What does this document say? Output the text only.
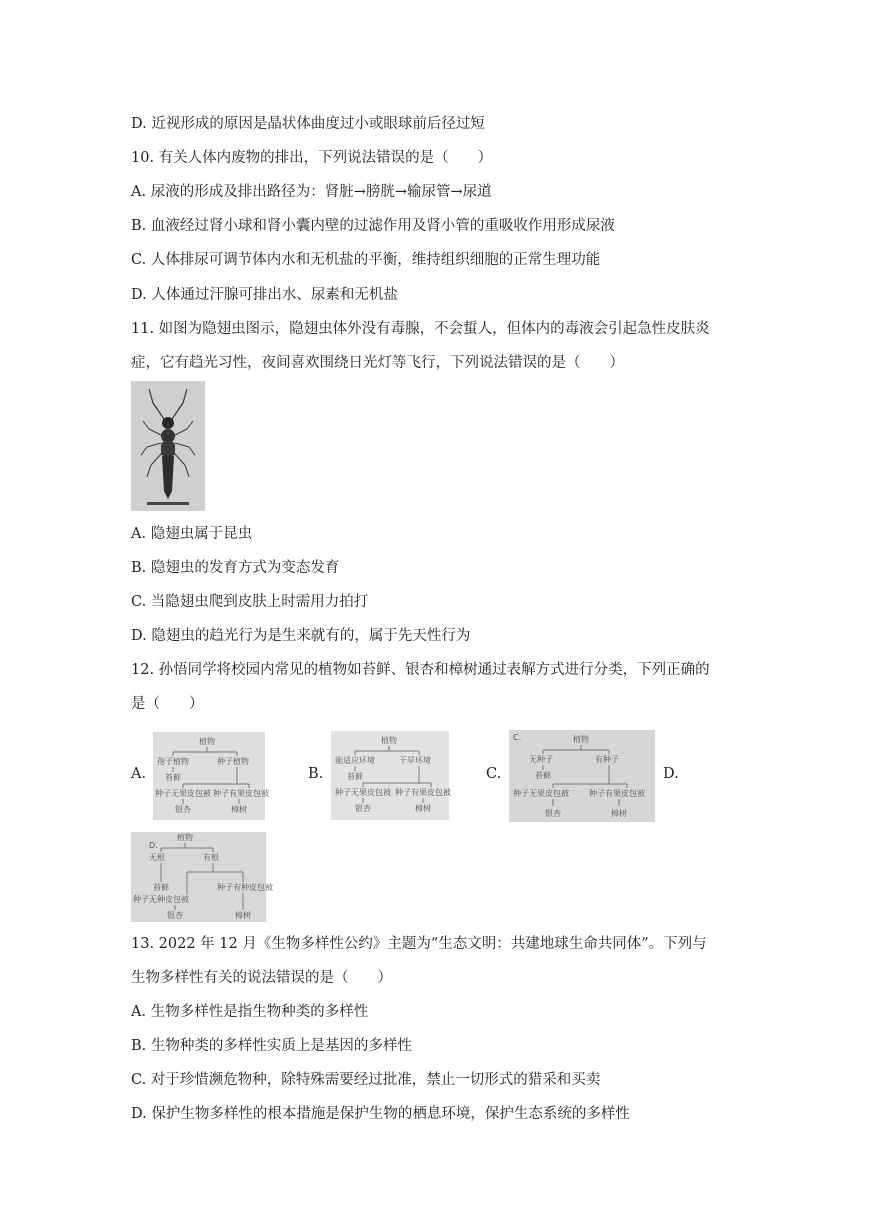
D. 近视形成的原因是晶状体曲度过小或眼球前后径过短
10. 有关人体内废物的排出，下列说法错误的是（　　）
A. 尿液的形成及排出路径为：肾脏→膀胱→输尿管→尿道
B. 血液经过肾小球和肾小囊内壁的过滤作用及肾小管的重吸收作用形成尿液
C. 人体排尿可调节体内水和无机盐的平衡，维持组织细胞的正常生理功能
D. 人体通过汗腺可排出水、尿素和无机盐
11. 如图为隐翅虫图示，隐翅虫体外没有毒腺，不会蜇人，但体内的毒液会引起急性皮肤炎
症，它有趋光习性，夜间喜欢围绕日光灯等飞行，下列说法错误的是（　　）
A. 隐翅虫属于昆虫
B. 隐翅虫的发育方式为变态发育
C. 当隐翅虫爬到皮肤上时需用力拍打
D. 隐翅虫的趋光行为是生来就有的，属于先天性行为
12. 孙悟同学将校园内常见的植物如苔鲜、银杏和樟树通过表解方式进行分类，下列正确的
是（　　）
A.
植物
孢子植物	种子植物
苔藓
种子无果皮包被 种子有果皮包被
银杏	樟树
B.
植物
能适应环境	干旱环境
苔藓
种子无果皮包被 种子有果皮包被
银杏	樟树
C.
C.	植物
无种子	有种子
苔藓
种子无果皮包被	种子有果皮包被
银杏	樟树
D.
D.
植物
无根	有根
苔藓	种子有种皮包被
种子无种皮包被
银杏	樟树
13. 2022 年 12 月《生物多样性公约》主题为“生态文明：共建地球生命共同体”。下列与
生物多样性有关的说法错误的是（　　）
A. 生物多样性是指生物种类的多样性
B. 生物种类的多样性实质上是基因的多样性
C. 对于珍惜濒危物种，除特殊需要经过批准，禁止一切形式的猎采和买卖
D. 保护生物多样性的根本措施是保护生物的栖息环境，保护生态系统的多样性
